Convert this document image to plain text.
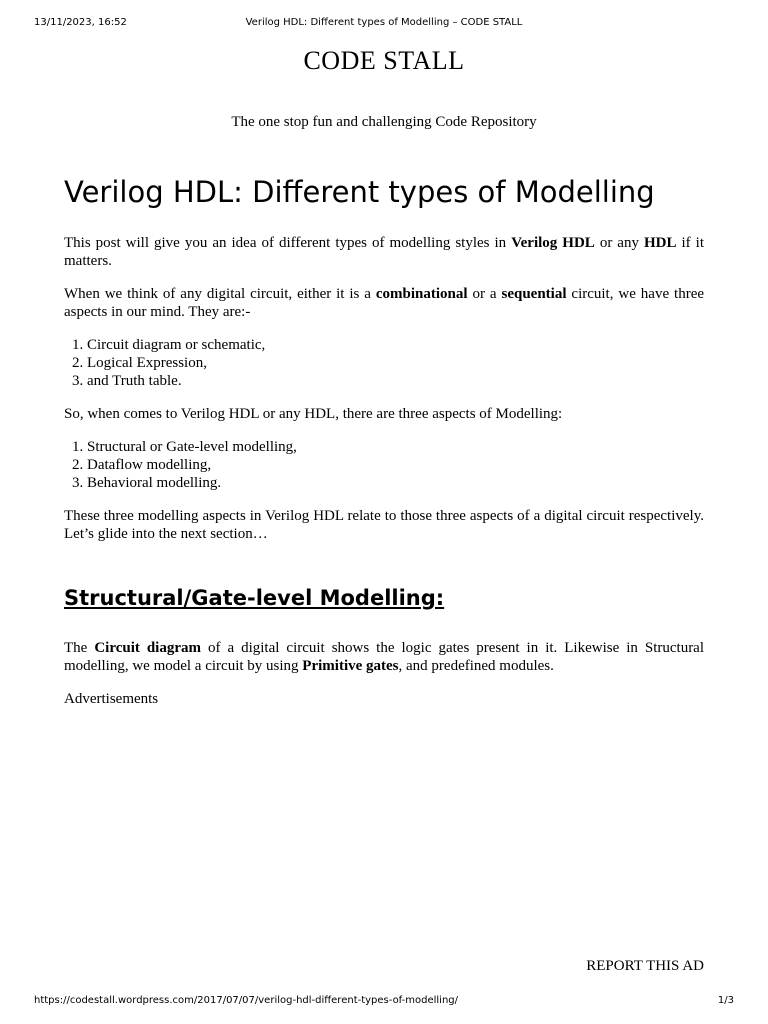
13/11/2023, 16:52	Verilog HDL: Different types of Modelling – CODE STALL
CODE STALL
The one stop fun and challenging Code Repository
Verilog HDL: Different types of Modelling

This post will give you an idea of different types of modelling styles in Verilog HDL or any HDL if it matters.

When we think of any digital circuit, either it is a combinational or a sequential circuit, we have three aspects in our mind. They are:-

1. Circuit diagram or schematic,
2. Logical Expression,
3. and Truth table.

So, when comes to Verilog HDL or any HDL, there are three aspects of Modelling:

1. Structural or Gate-level modelling,
2. Dataflow modelling,
3. Behavioral modelling.

These three modelling aspects in Verilog HDL relate to those three aspects of a digital circuit respectively. Let’s glide into the next section…

Structural/Gate-level Modelling:

The Circuit diagram of a digital circuit shows the logic gates present in it. Likewise in Structural modelling, we model a circuit by using Primitive gates, and predefined modules.

Advertisements

REPORT THIS AD
https://codestall.wordpress.com/2017/07/07/verilog-hdl-different-types-of-modelling/	1/3
